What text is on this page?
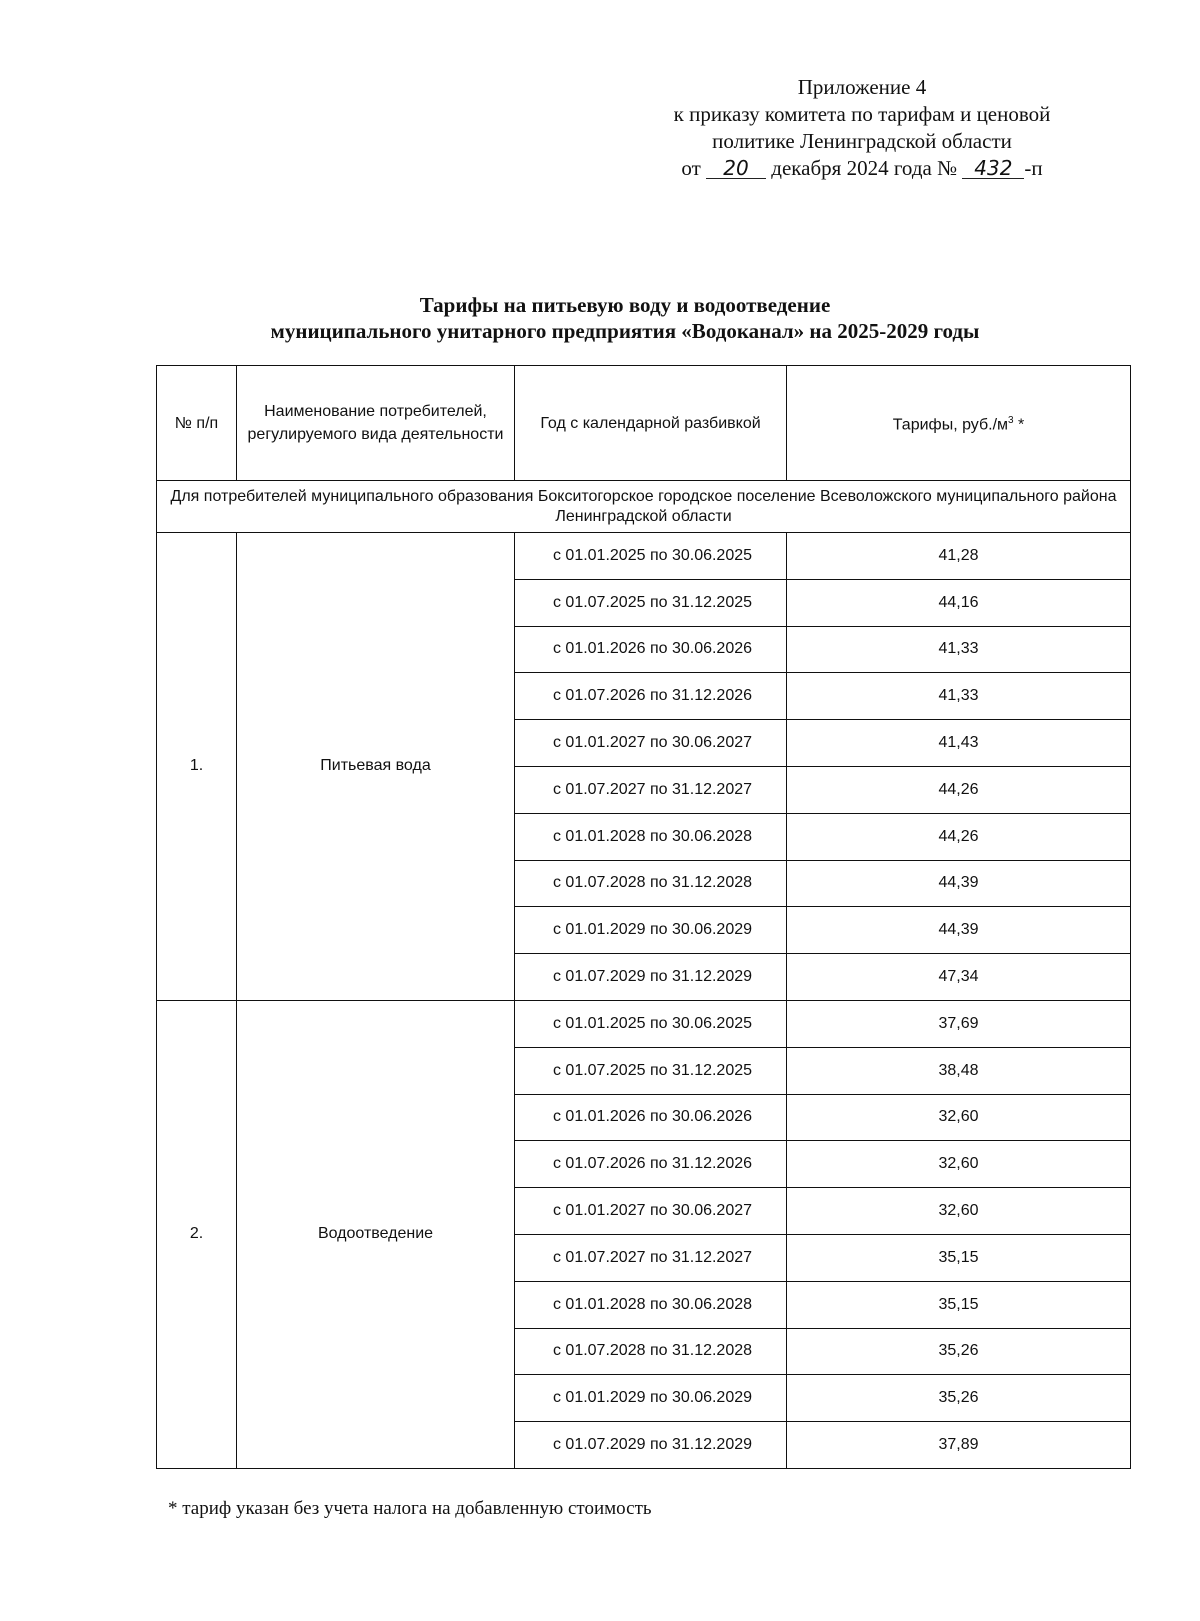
Приложение 4
к приказу комитета по тарифам и ценовой
политике Ленинградской области
от 20 декабря 2024 года № 432 -п
Тарифы на питьевую воду и водоотведение
муниципального унитарного предприятия «Водоканал» на 2025-2029 годы
№ п/п	Наименование потребителей, регулируемого вида деятельности	Год с календарной разбивкой	Тарифы, $руб./м^3$ *
Для потребителей муниципального образования Бокситогорское городское поселение Всеволожского муниципального района Ленинградской области			
1.	Питьевая вода	с 01.01.2025 по 30.06.2025	41,28
		с 01.07.2025 по 31.12.2025	44,16
		с 01.01.2026 по 30.06.2026	41,33
		с 01.07.2026 по 31.12.2026	41,33
		с 01.01.2027 по 30.06.2027	41,43
		с 01.07.2027 по 31.12.2027	44,26
		с 01.01.2028 по 30.06.2028	44,26
		с 01.07.2028 по 31.12.2028	44,39
		с 01.01.2029 по 30.06.2029	44,39
		с 01.07.2029 по 31.12.2029	47,34
2.	Водоотведение	с 01.01.2025 по 30.06.2025	37,69
		с 01.07.2025 по 31.12.2025	38,48
		с 01.01.2026 по 30.06.2026	32,60
		с 01.07.2026 по 31.12.2026	32,60
		с 01.01.2027 по 30.06.2027	32,60
		с 01.07.2027 по 31.12.2027	35,15
		с 01.01.2028 по 30.06.2028	35,15
		с 01.07.2028 по 31.12.2028	35,26
		с 01.01.2029 по 30.06.2029	35,26
		с 01.07.2029 по 31.12.2029	37,89
* тариф указан без учета налога на добавленную стоимость
